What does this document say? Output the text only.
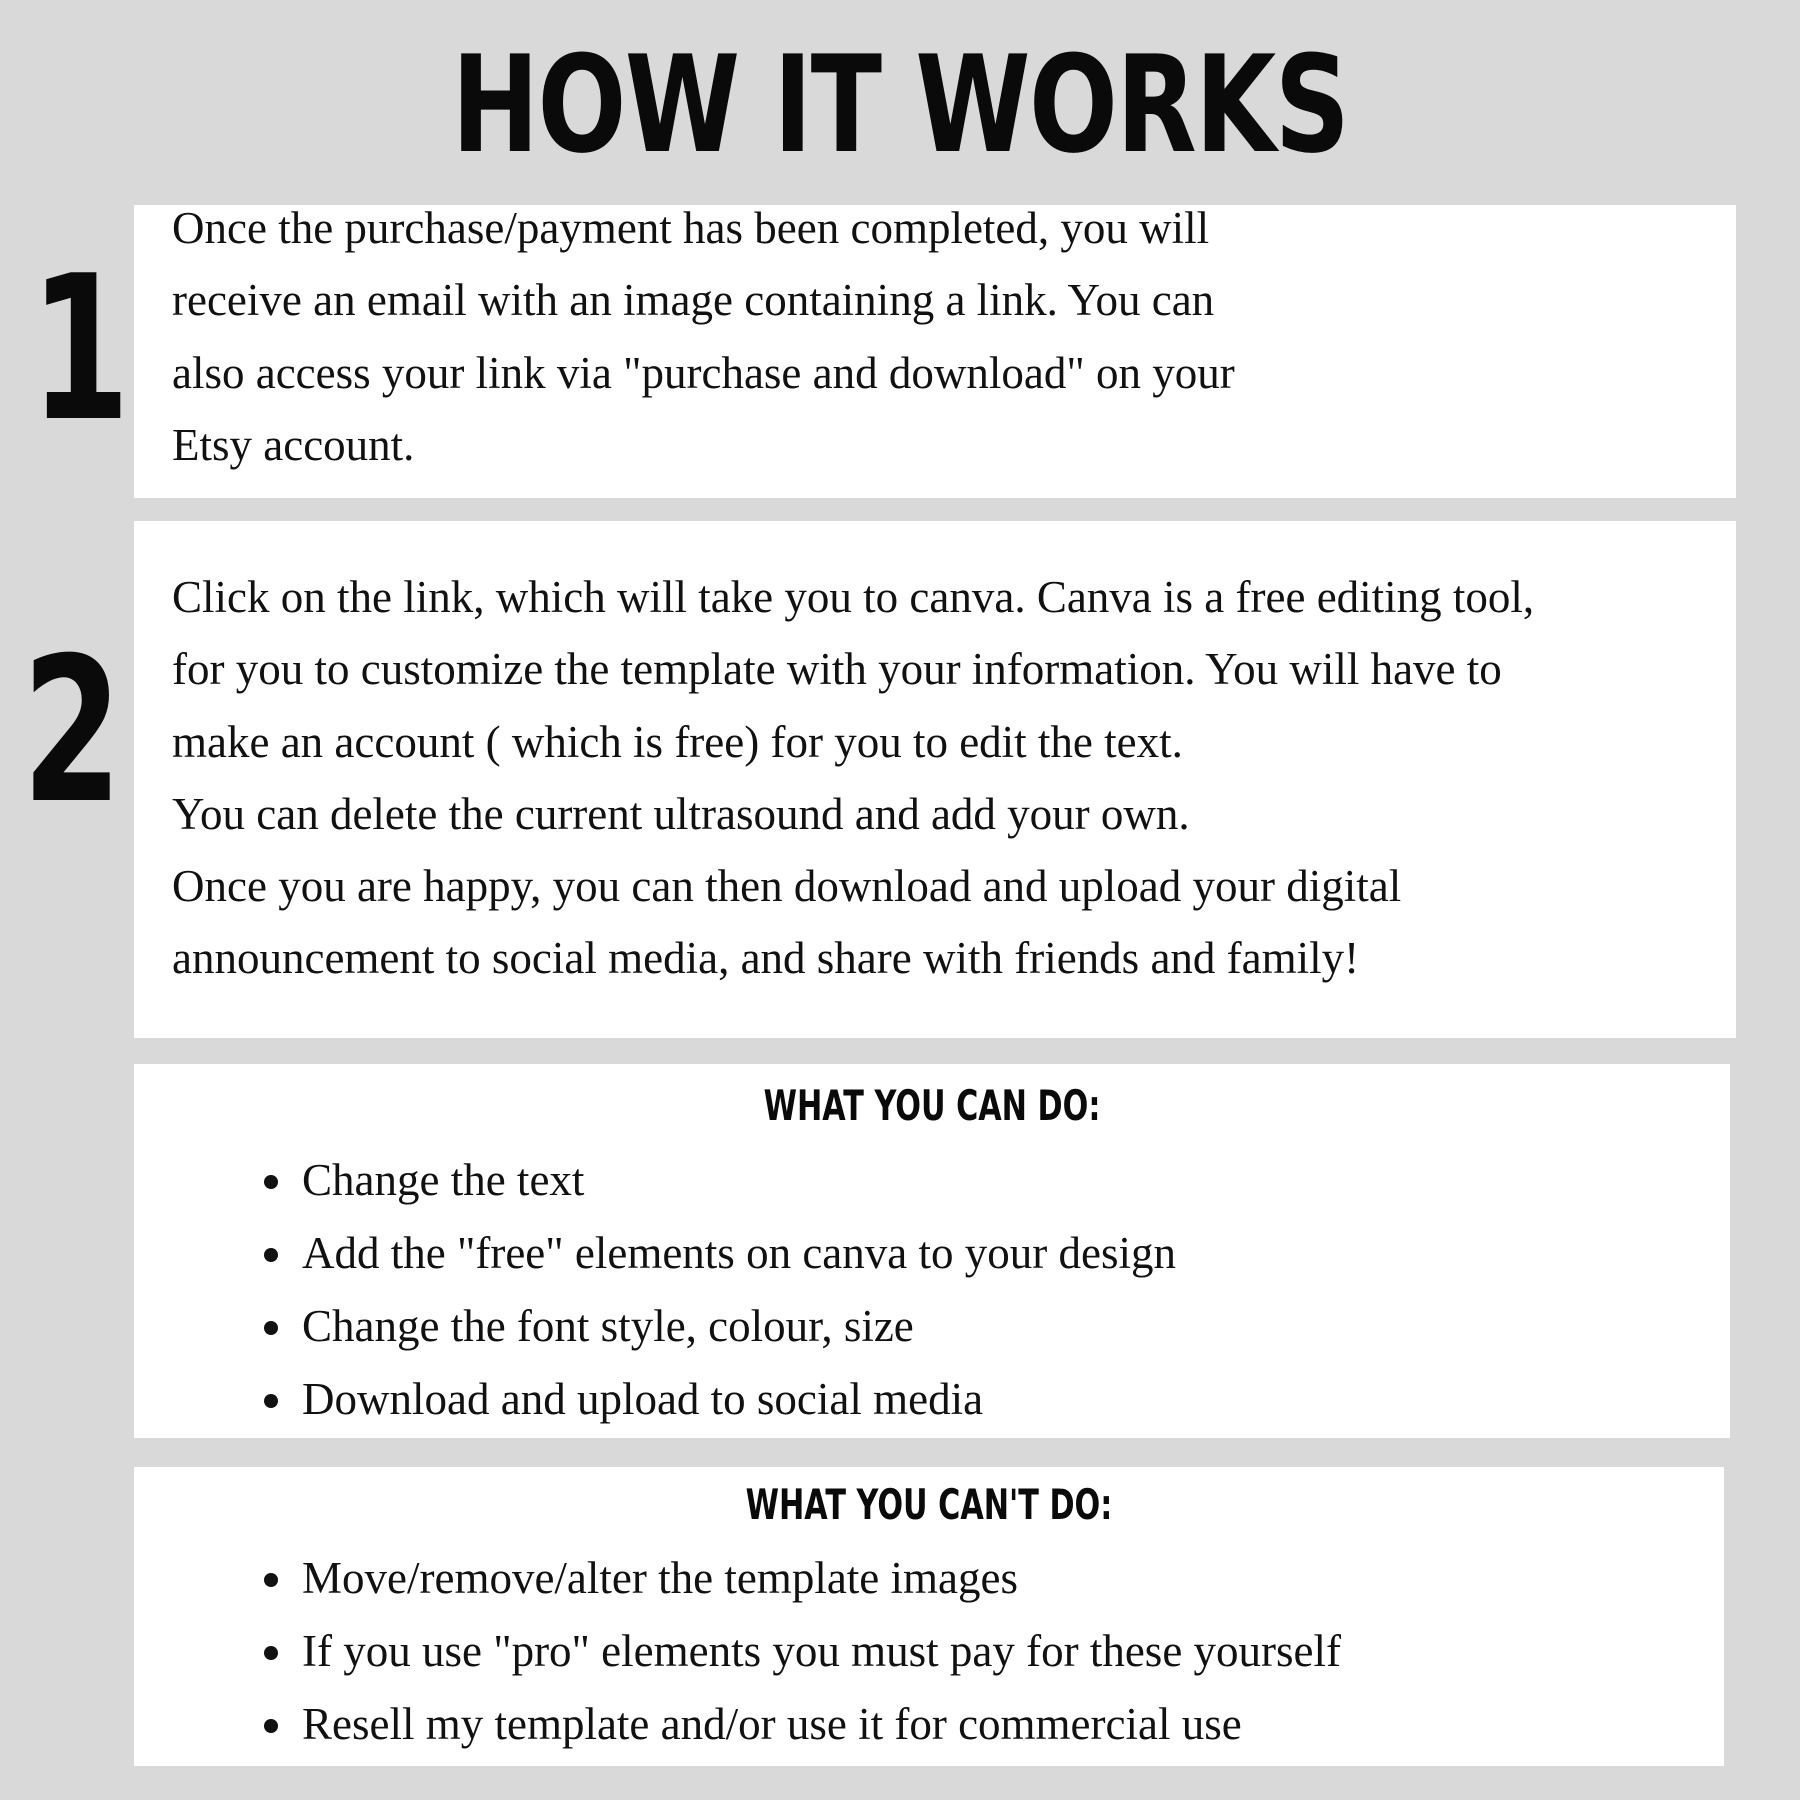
HOW IT WORKS
1
Once the purchase/payment has been completed, you will
receive an email with an image containing a link. You can
also access your link via "purchase and download" on your
Etsy account.
2
Click on the link, which will take you to canva. Canva is a free editing tool,
for you to customize the template with your information. You will have to
make an account ( which is free) for you to edit the text.
You can delete the current ultrasound and add your own.
Once you are happy, you can then download and upload your digital
announcement to social media, and share with friends and family!
WHAT YOU CAN DO:
Change the text
Add the "free" elements on canva to your design
Change the font style, colour, size
Download and upload to social media
WHAT YOU CAN'T DO:
Move/remove/alter the template images
If you use "pro" elements you must pay for these yourself
Resell my template and/or use it for commercial use
